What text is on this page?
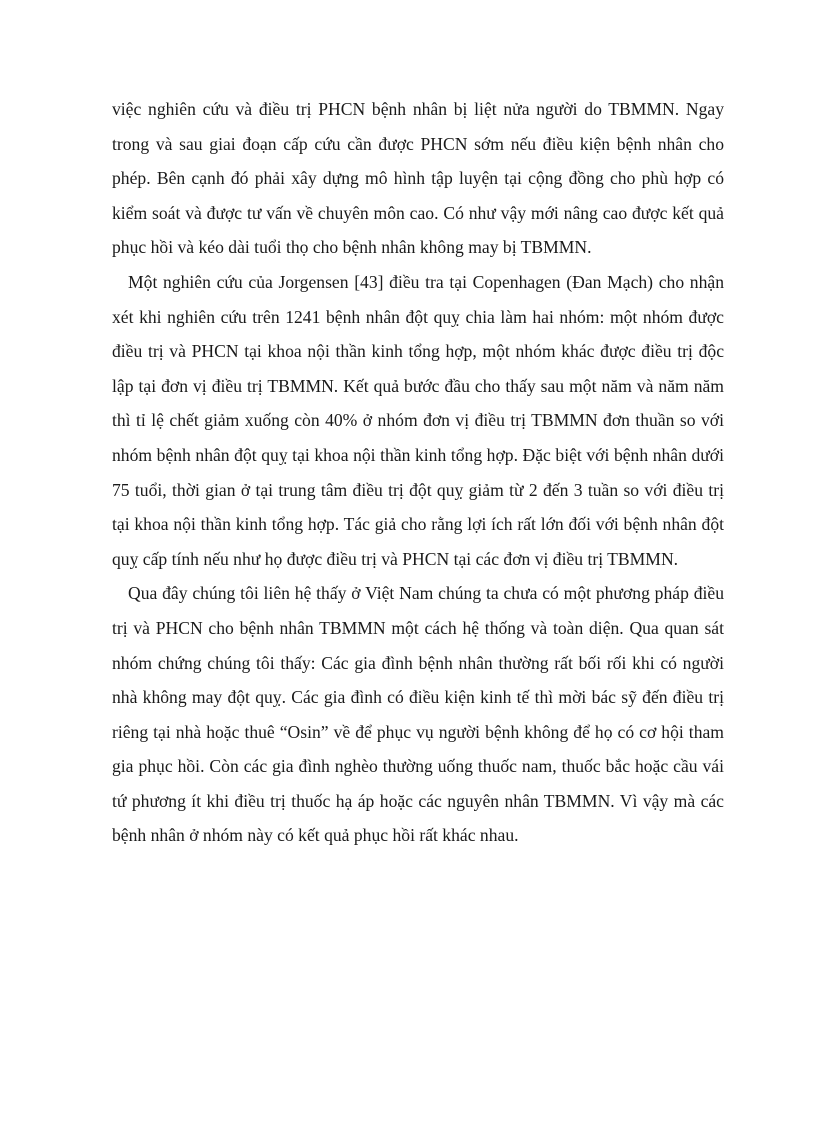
việc nghiên cứu và điều trị PHCN bệnh nhân bị liệt nửa người do TBMMN. Ngay trong và sau giai đoạn cấp cứu cần được PHCN sớm nếu điều kiện bệnh nhân cho phép. Bên cạnh đó phải xây dựng mô hình tập luyện tại cộng đồng cho phù hợp có kiểm soát và được tư vấn về chuyên môn cao. Có như vậy mới nâng cao được kết quả phục hồi và kéo dài tuổi thọ cho bệnh nhân không may bị TBMMN.

Một nghiên cứu của Jorgensen [43] điều tra tại Copenhagen (Đan Mạch) cho nhận xét khi nghiên cứu trên 1241 bệnh nhân đột quỵ chia làm hai nhóm: một nhóm được điều trị và PHCN tại khoa nội thần kinh tổng hợp, một nhóm khác được điều trị độc lập tại đơn vị điều trị TBMMN. Kết quả bước đầu cho thấy sau một năm và năm năm thì tỉ lệ chết giảm xuống còn 40% ở nhóm đơn vị điều trị TBMMN đơn thuần so với nhóm bệnh nhân đột quỵ tại khoa nội thần kinh tổng hợp. Đặc biệt với bệnh nhân dưới 75 tuổi, thời gian ở tại trung tâm điều trị đột quỵ giảm từ 2 đến 3 tuần so với điều trị tại khoa nội thần kinh tổng hợp. Tác giả cho rằng lợi ích rất lớn đối với bệnh nhân đột quỵ cấp tính nếu như họ được điều trị và PHCN tại các đơn vị điều trị TBMMN.

Qua đây chúng tôi liên hệ thấy ở Việt Nam chúng ta chưa có một phương pháp điều trị và PHCN cho bệnh nhân TBMMN một cách hệ thống và toàn diện. Qua quan sát nhóm chứng chúng tôi thấy: Các gia đình bệnh nhân thường rất bối rối khi có người nhà không may đột quỵ. Các gia đình có điều kiện kinh tế thì mời bác sỹ đến điều trị riêng tại nhà hoặc thuê “Osin” về để phục vụ người bệnh không để họ có cơ hội tham gia phục hồi. Còn các gia đình nghèo thường uống thuốc nam, thuốc bắc hoặc cầu vái tứ phương ít khi điều trị thuốc hạ áp hoặc các nguyên nhân TBMMN. Vì vậy mà các bệnh nhân ở nhóm này có kết quả phục hồi rất khác nhau.
